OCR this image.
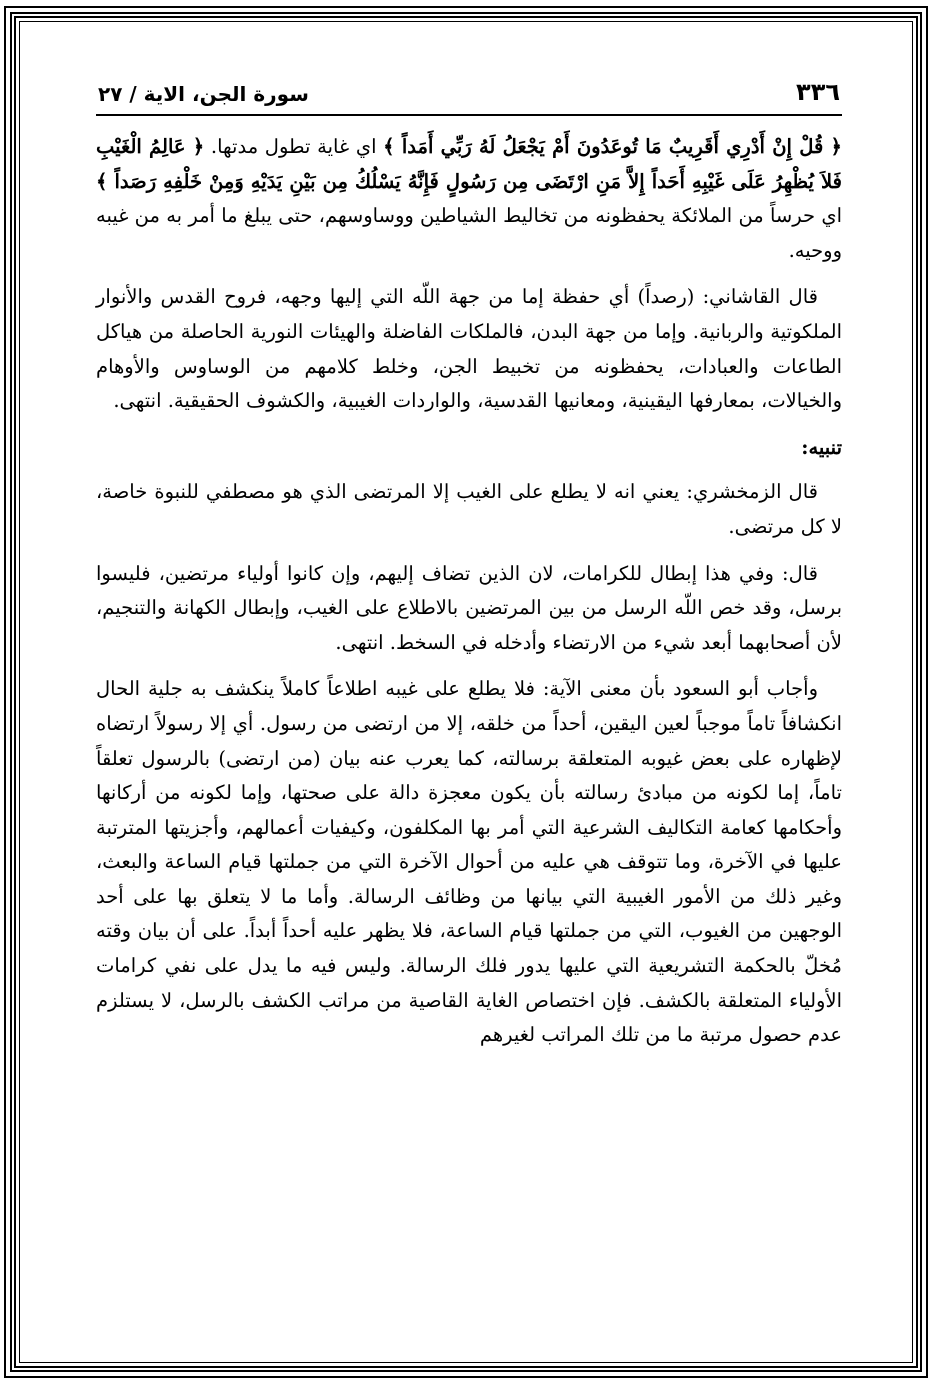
٣٣٦
سورة الجن، الاية / ٢٧

﴿ قُلْ إِنْ أَدْرِي أَقَرِيبٌ مَا تُوعَدُونَ أَمْ يَجْعَلُ لَهُ رَبِّي أَمَداً ﴾ اي غاية تطول مدتها. ﴿ عَالِمُ الْغَيْبِ فَلاَ يُظْهِرُ عَلَى غَيْبِهِ أَحَداً إِلاَّ مَنِ ارْتَضَى مِن رَسُولٍ فَإِنَّهُ يَسْلُكُ مِن بَيْنِ يَدَيْهِ وَمِنْ خَلْفِهِ رَصَداً ﴾ اي حرساً من الملائكة يحفظونه من تخاليط الشياطين ووساوسهم، حتى يبلغ ما أمر به من غيبه ووحيه.

قال القاشاني: (رصداً) أي حفظة إما من جهة اللّه التي إليها وجهه، فروح القدس والأنوار الملكوتية والربانية. وإما من جهة البدن، فالملكات الفاضلة والهيئات النورية الحاصلة من هياكل الطاعات والعبادات، يحفظونه من تخبيط الجن، وخلط كلامهم من الوساوس والأوهام والخيالات، بمعارفها اليقينية، ومعانيها القدسية، والواردات الغيبية، والكشوف الحقيقية. انتهى.

تنبيه:

قال الزمخشري: يعني انه لا يطلع على الغيب إلا المرتضى الذي هو مصطفي للنبوة خاصة، لا كل مرتضى.

قال: وفي هذا إبطال للكرامات، لان الذين تضاف إليهم، وإن كانوا أولياء مرتضين، فليسوا برسل، وقد خص اللّه الرسل من بين المرتضين بالاطلاع على الغيب، وإبطال الكهانة والتنجيم، لأن أصحابهما أبعد شيء من الارتضاء وأدخله في السخط. انتهى.

وأجاب أبو السعود بأن معنى الآية: فلا يطلع على غيبه اطلاعاً كاملاً ينكشف به جلية الحال انكشافاً تاماً موجباً لعين اليقين، أحداً من خلقه، إلا من ارتضى من رسول. أي إلا رسولاً ارتضاه لإظهاره على بعض غيوبه المتعلقة برسالته، كما يعرب عنه بيان (من ارتضى) بالرسول تعلقاً تاماً، إما لكونه من مبادئ رسالته بأن يكون معجزة دالة على صحتها، وإما لكونه من أركانها وأحكامها كعامة التكاليف الشرعية التي أمر بها المكلفون، وكيفيات أعمالهم، وأجزيتها المترتبة عليها في الآخرة، وما تتوقف هي عليه من أحوال الآخرة التي من جملتها قيام الساعة والبعث، وغير ذلك من الأمور الغيبية التي بيانها من وظائف الرسالة. وأما ما لا يتعلق بها على أحد الوجهين من الغيوب، التي من جملتها قيام الساعة، فلا يظهر عليه أحداً أبداً. على أن بيان وقته مُخلّ بالحكمة التشريعية التي عليها يدور فلك الرسالة. وليس فيه ما يدل على نفي كرامات الأولياء المتعلقة بالكشف. فإن اختصاص الغاية القاصية من مراتب الكشف بالرسل، لا يستلزم عدم حصول مرتبة ما من تلك المراتب لغيرهم
